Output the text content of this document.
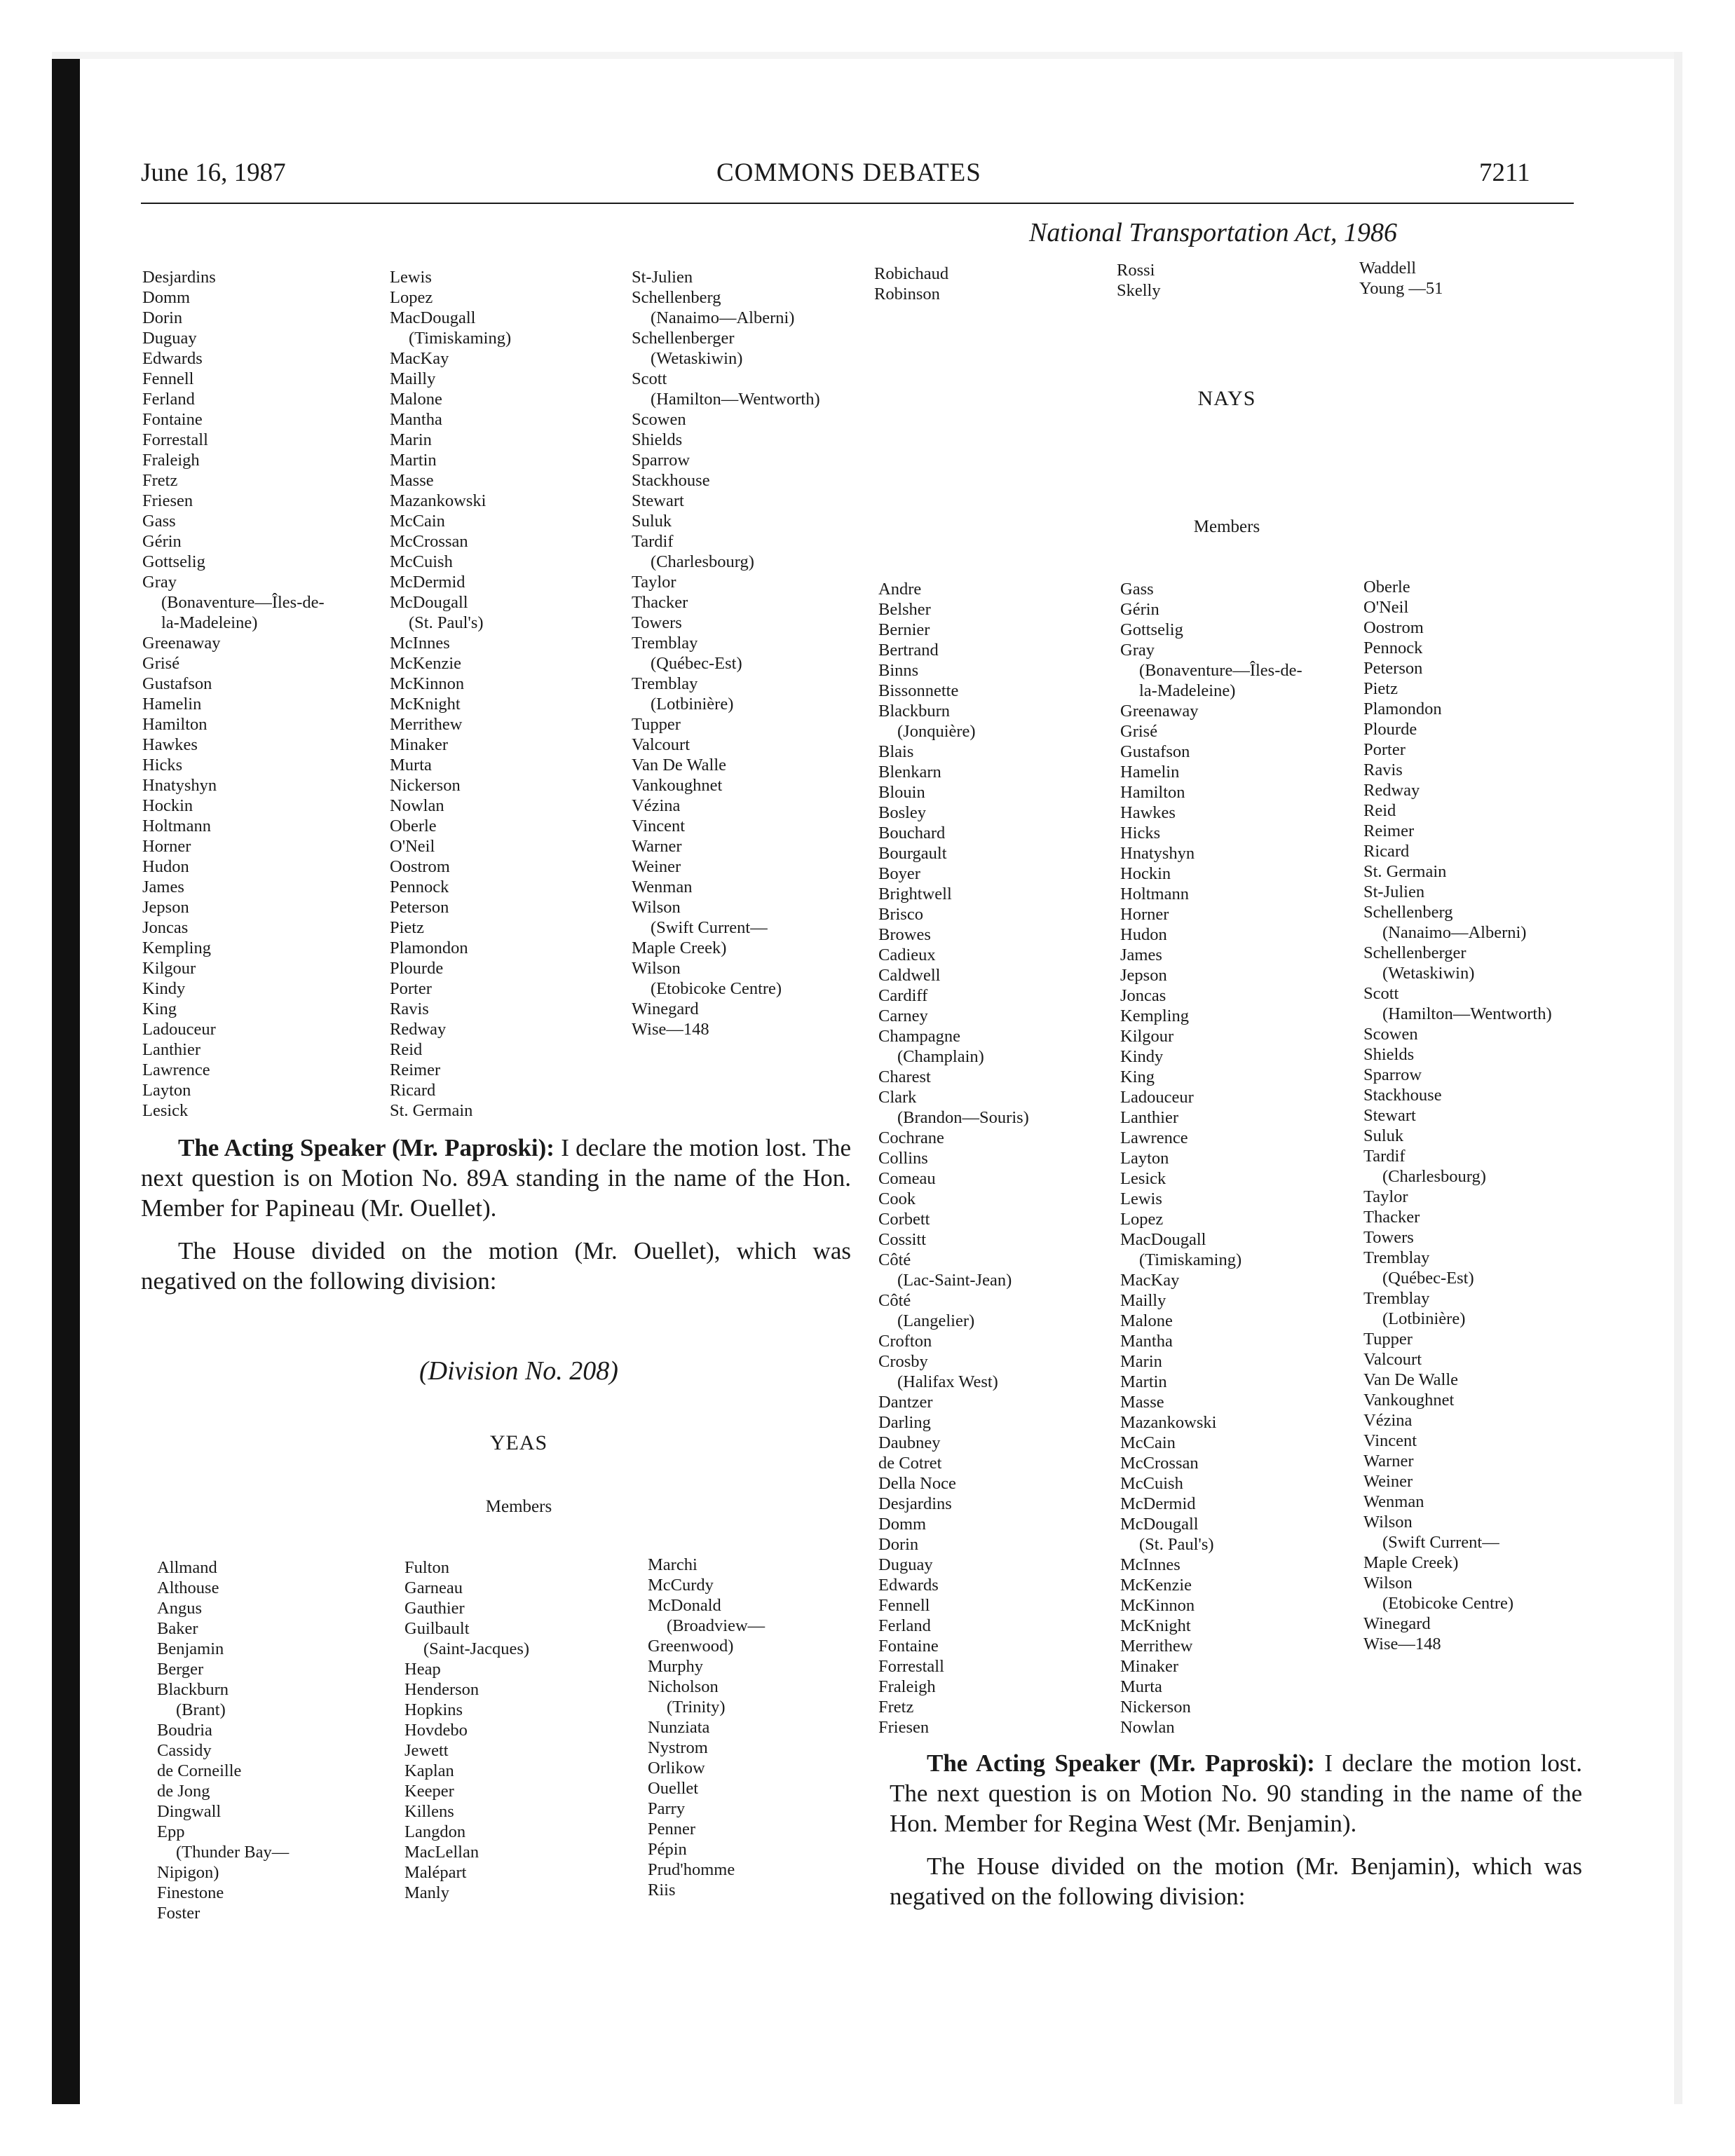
June 16, 1987	COMMONS DEBATES	7211
National Transportation Act, 1986
Desjardins
Domm
Dorin
Duguay
Edwards
Fennell
Ferland
Fontaine
Forrestall
Fraleigh
Fretz
Friesen
Gass
Gérin
Gottselig
Gray
(Bonaventure—Îles-de-
la-Madeleine)
Greenaway
Grisé
Gustafson
Hamelin
Hamilton
Hawkes
Hicks
Hnatyshyn
Hockin
Holtmann
Horner
Hudon
James
Jepson
Joncas
Kempling
Kilgour
Kindy
King
Ladouceur
Lanthier
Lawrence
Layton
Lesick
Lewis
Lopez
MacDougall
(Timiskaming)
MacKay
Mailly
Malone
Mantha
Marin
Martin
Masse
Mazankowski
McCain
McCrossan
McCuish
McDermid
McDougall
(St. Paul's)
McInnes
McKenzie
McKinnon
McKnight
Merrithew
Minaker
Murta
Nickerson
Nowlan
Oberle
O'Neil
Oostrom
Pennock
Peterson
Pietz
Plamondon
Plourde
Porter
Ravis
Redway
Reid
Reimer
Ricard
St. Germain
St-Julien
Schellenberg
(Nanaimo—Alberni)
Schellenberger
(Wetaskiwin)
Scott
(Hamilton—Wentworth)
Scowen
Shields
Sparrow
Stackhouse
Stewart
Suluk
Tardif
(Charlesbourg)
Taylor
Thacker
Towers
Tremblay
(Québec-Est)
Tremblay
(Lotbinière)
Tupper
Valcourt
Van De Walle
Vankoughnet
Vézina
Vincent
Warner
Weiner
Wenman
Wilson
(Swift Current—
Maple Creek)
Wilson
(Etobicoke Centre)
Winegard
Wise—148
Robichaud
Robinson
Rossi
Skelly
Waddell
Young —51
NAYS
Members
Andre
Belsher
Bernier
Bertrand
Binns
Bissonnette
Blackburn
(Jonquière)
Blais
Blenkarn
Blouin
Bosley
Bouchard
Bourgault
Boyer
Brightwell
Brisco
Browes
Cadieux
Caldwell
Cardiff
Carney
Champagne
(Champlain)
Charest
Clark
(Brandon—Souris)
Cochrane
Collins
Comeau
Cook
Corbett
Cossitt
Côté
(Lac-Saint-Jean)
Côté
(Langelier)
Crofton
Crosby
(Halifax West)
Dantzer
Darling
Daubney
de Cotret
Della Noce
Desjardins
Domm
Dorin
Duguay
Edwards
Fennell
Ferland
Fontaine
Forrestall
Fraleigh
Fretz
Friesen
Gass
Gérin
Gottselig
Gray
(Bonaventure—Îles-de-
la-Madeleine)
Greenaway
Grisé
Gustafson
Hamelin
Hamilton
Hawkes
Hicks
Hnatyshyn
Hockin
Holtmann
Horner
Hudon
James
Jepson
Joncas
Kempling
Kilgour
Kindy
King
Ladouceur
Lanthier
Lawrence
Layton
Lesick
Lewis
Lopez
MacDougall
(Timiskaming)
MacKay
Mailly
Malone
Mantha
Marin
Martin
Masse
Mazankowski
McCain
McCrossan
McCuish
McDermid
McDougall
(St. Paul's)
McInnes
McKenzie
McKinnon
McKnight
Merrithew
Minaker
Murta
Nickerson
Nowlan
Oberle
O'Neil
Oostrom
Pennock
Peterson
Pietz
Plamondon
Plourde
Porter
Ravis
Redway
Reid
Reimer
Ricard
St. Germain
St-Julien
Schellenberg
(Nanaimo—Alberni)
Schellenberger
(Wetaskiwin)
Scott
(Hamilton—Wentworth)
Scowen
Shields
Sparrow
Stackhouse
Stewart
Suluk
Tardif
(Charlesbourg)
Taylor
Thacker
Towers
Tremblay
(Québec-Est)
Tremblay
(Lotbinière)
Tupper
Valcourt
Van De Walle
Vankoughnet
Vézina
Vincent
Warner
Weiner
Wenman
Wilson
(Swift Current—
Maple Creek)
Wilson
(Etobicoke Centre)
Winegard
Wise—148

The Acting Speaker (Mr. Paproski): I declare the motion lost. The next question is on Motion No. 89A standing in the name of the Hon. Member for Papineau (Mr. Ouellet).

The House divided on the motion (Mr. Ouellet), which was negatived on the following division:

(Division No. 208)
YEAS
Members
Allmand
Althouse
Angus
Baker
Benjamin
Berger
Blackburn
(Brant)
Boudria
Cassidy
de Corneille
de Jong
Dingwall
Epp
(Thunder Bay—
Nipigon)
Finestone
Foster
Fulton
Garneau
Gauthier
Guilbault
(Saint-Jacques)
Heap
Henderson
Hopkins
Hovdebo
Jewett
Kaplan
Keeper
Killens
Langdon
MacLellan
Malépart
Manly
Marchi
McCurdy
McDonald
(Broadview—
Greenwood)
Murphy
Nicholson
(Trinity)
Nunziata
Nystrom
Orlikow
Ouellet
Parry
Penner
Pépin
Prud'homme
Riis

The Acting Speaker (Mr. Paproski): I declare the motion lost. The next question is on Motion No. 90 standing in the name of the Hon. Member for Regina West (Mr. Benjamin).

The House divided on the motion (Mr. Benjamin), which was negatived on the following division:
